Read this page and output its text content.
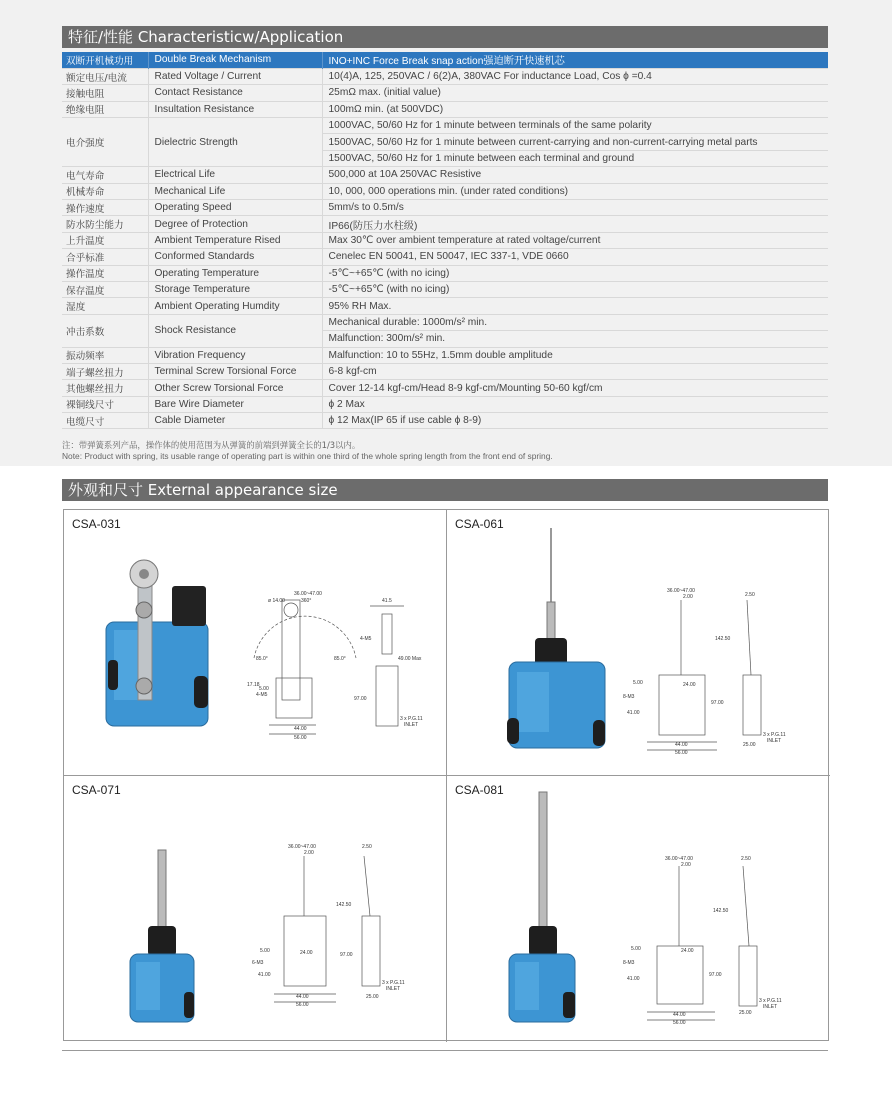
特征/性能 Characteristicw/Application
双断开机械功用	Double Break Mechanism	INO+INC Force Break snap action强迫断开快速机芯
额定电压/电流	Rated Voltage / Current	10(4)A, 125, 250VAC / 6(2)A, 380VAC For inductance Load, Cos ϕ =0.4
接触电阻	Contact Resistance	25mΩ max. (initial value)
绝缘电阻	Insultation Resistance	100mΩ min. (at 500VDC)
电介强度	Dielectric Strength	1000VAC, 50/60 Hz for 1 minute between terminals of the same polarity
		1500VAC, 50/60 Hz for 1 minute between current-carrying and non-current-carrying metal parts
		1500VAC, 50/60 Hz for 1 minute between each terminal and ground
电气寿命	Electrical Life	500,000 at 10A 250VAC Resistive
机械寿命	Mechanical Life	10, 000, 000 operations min. (under rated conditions)
操作速度	Operating Speed	5mm/s to 0.5m/s
防水防尘能力	Degree of Protection	IP66(防压力水柱级)
上升温度	Ambient Temperature Rised	Max 30℃ over ambient temperature at rated voltage/current
合乎标准	Conformed Standards	Cenelec EN 50041, EN 50047, IEC 337-1, VDE 0660
操作温度	Operating Temperature	-5℃~+65℃ (with no icing)
保存温度	Storage Temperature	-5℃~+65℃ (with no icing)
湿度	Ambient Operating Humdity	95% RH Max.
冲击系数	Shock Resistance	Mechanical durable: 1000m/s² min.
		Malfunction: 300m/s² min.
振动频率	Vibration Frequency	Malfunction: 10 to 55Hz, 1.5mm double amplitude
端子螺丝扭力	Terminal Screw Torsional Force	6-8 kgf-cm
其他螺丝扭力	Other Screw Torsional Force	Cover 12-14 kgf-cm/Head 8-9 kgf-cm/Mounting 50-60 kgf/cm
裸铜线尺寸	Bare Wire Diameter	ϕ 2 Max
电缆尺寸	Cable Diameter	ϕ 12 Max(IP 65 if use cable ϕ 8-9)
注：带弹簧系列产品，操作体的使用范围为从弹簧的前端到弹簧全长的1/3以内。
Note: Product with spring, its usable range of operating part is within one third of the whole spring length from the front end of spring.
外观和尺寸 External appearance size
CSA-031
36.00~47.00
ø 14.00	360°
85.0°	85.0°
17.18
5.00
4-M5
44.00
56.00
41.5
4-M5
49.00 Max
97.00
3 x P.G.11
INLET
CSA-061
36.00~47.00
2.00
142.50
5.00	24.00
8-M3
41.00
44.00
56.00
2.50
97.00
3 x P.G.11
INLET
25.00
CSA-071
36.00~47.00
2.00
142.50
5.00	24.00
6-M3
41.00
44.00
56.00
2.50
97.00
3 x P.G.11
INLET
25.00
CSA-081
36.00~47.00
2.00
142.50
5.00	24.00
8-M3
41.00
44.00
56.00
2.50
97.00
3 x P.G.11
INLET
25.00
